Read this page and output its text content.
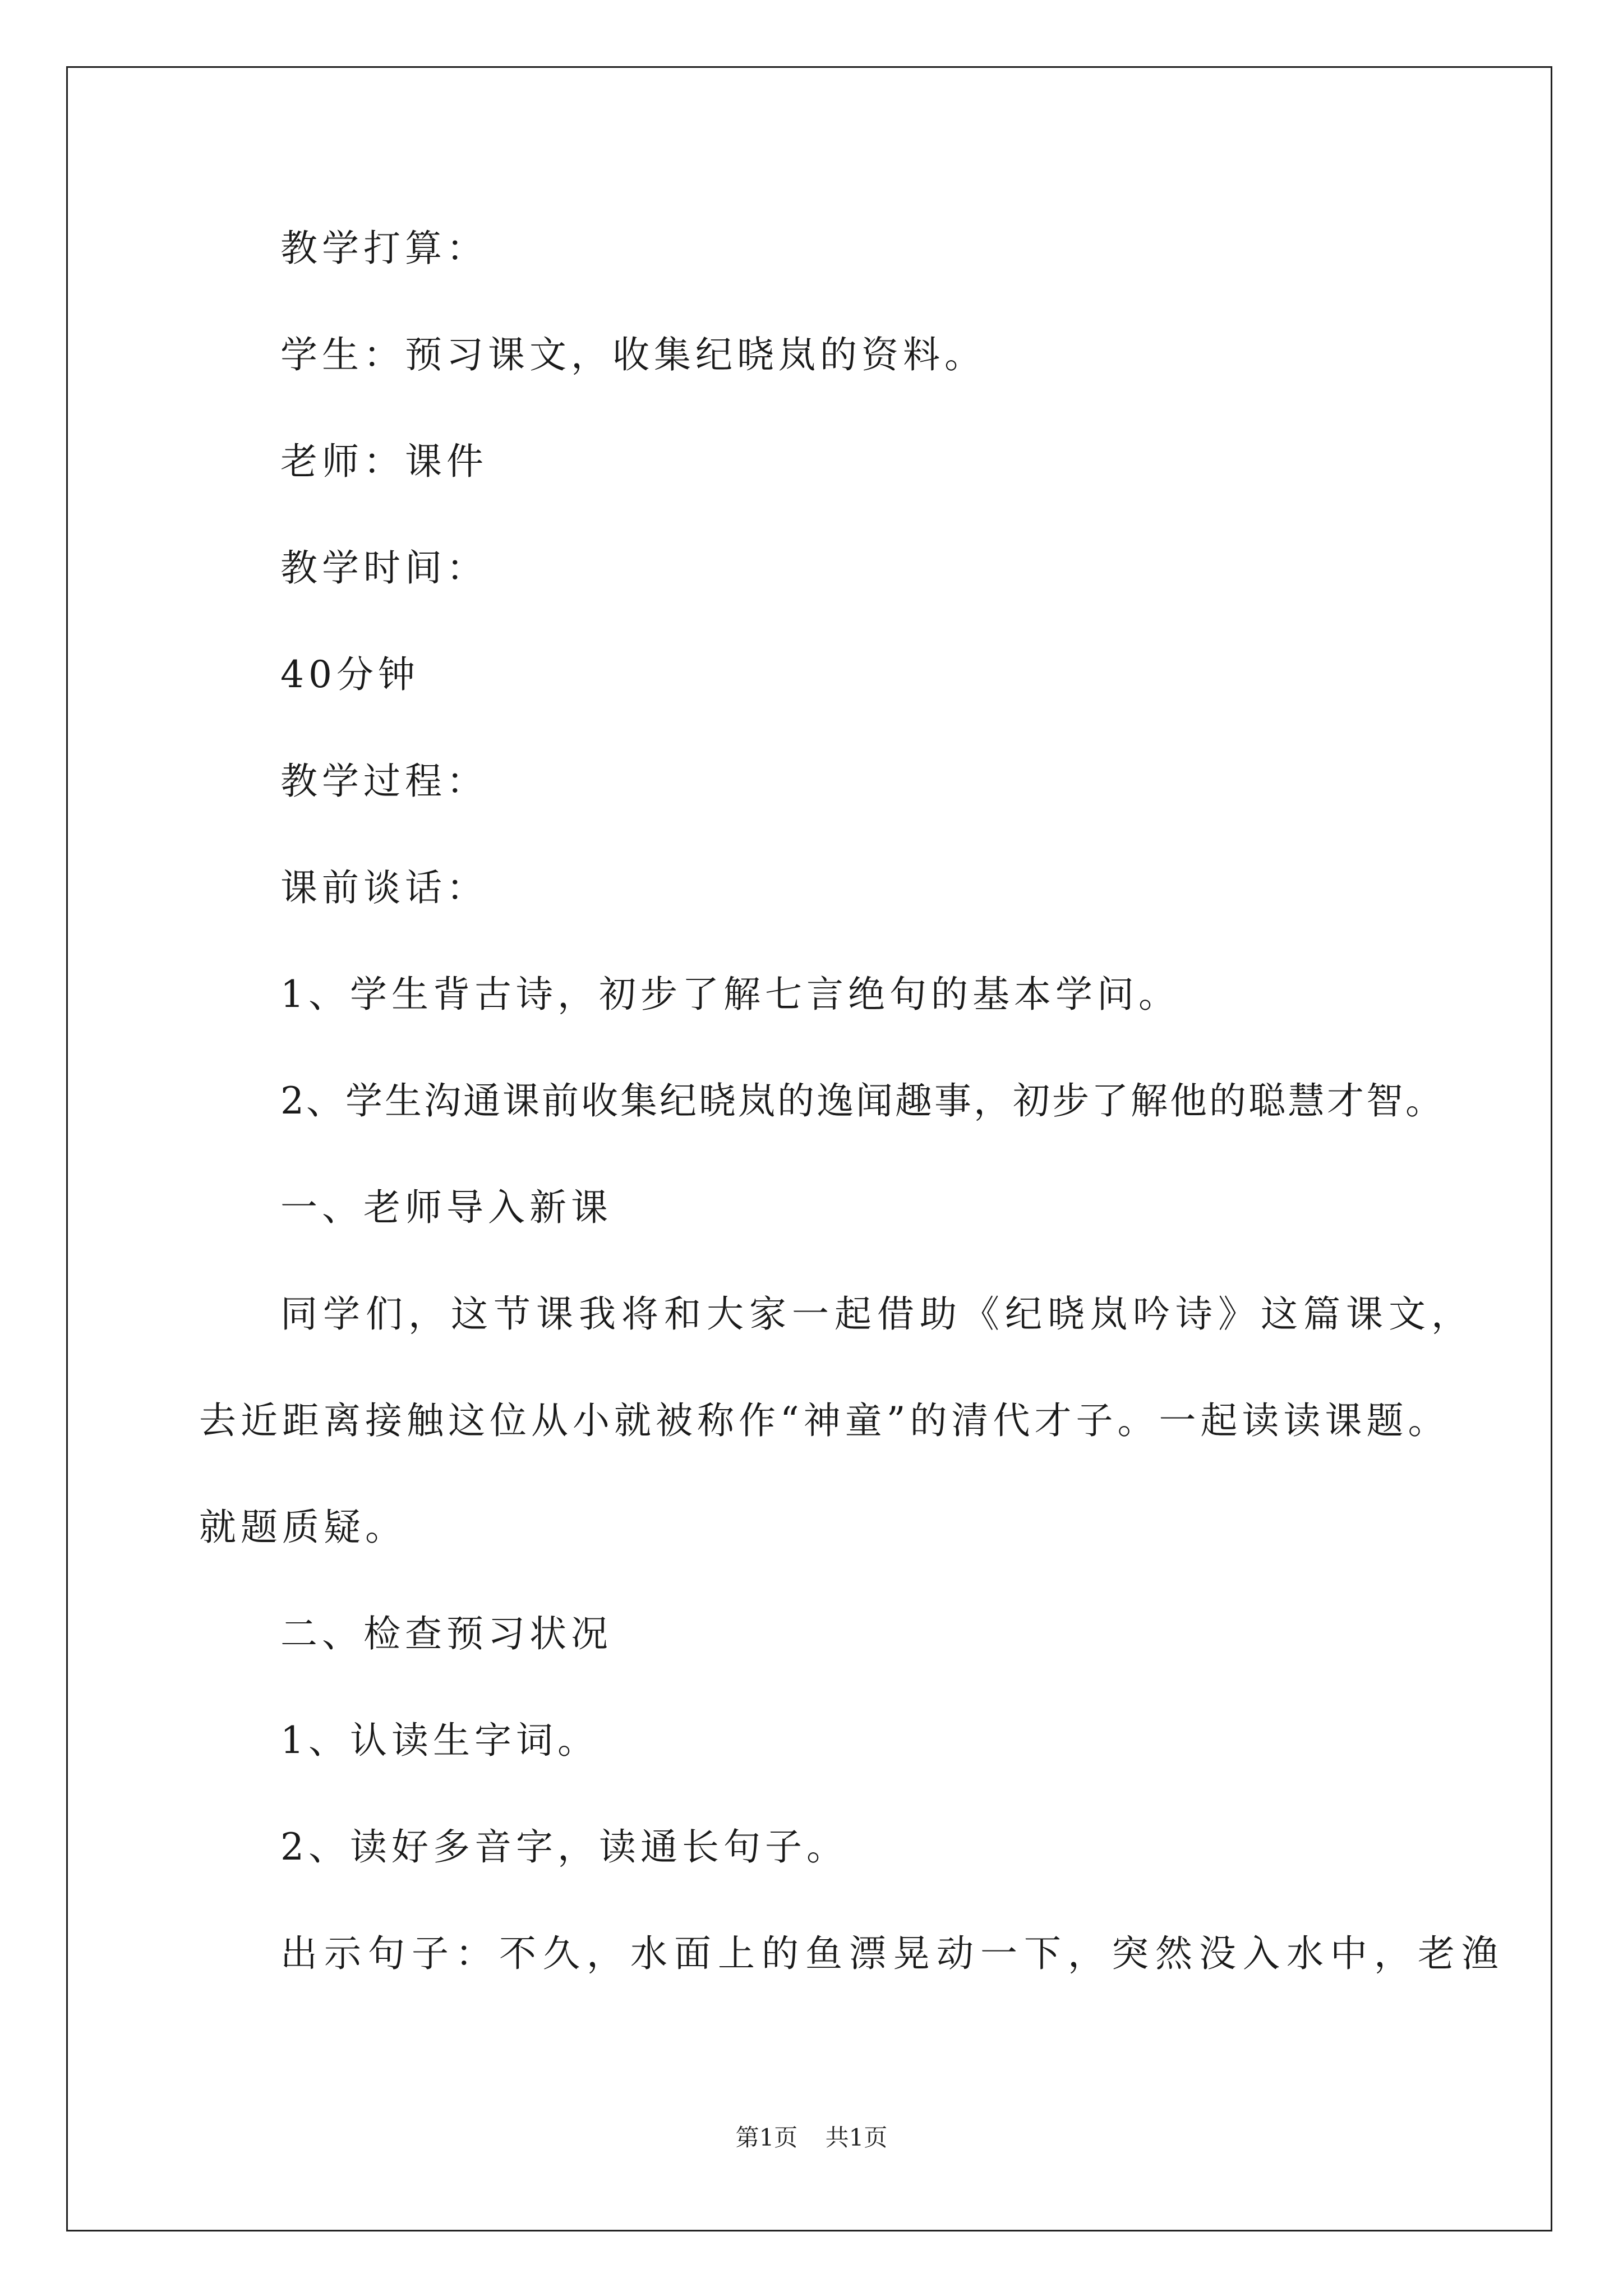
教学打算：
学生：预习课文，收集纪晓岚的资料。
老师：课件
教学时间：
40分钟
教学过程：
课前谈话：
1、学生背古诗，初步了解七言绝句的基本学问。
2、学生沟通课前收集纪晓岚的逸闻趣事，初步了解他的聪慧才智。
一、老师导入新课
同学们，这节课我将和大家一起借助《纪晓岚吟诗》这篇课文，
去近距离接触这位从小就被称作“神童”的清代才子。一起读读课题。
就题质疑。
二、检查预习状况
1、认读生字词。
2、读好多音字，读通长句子。
出示句子：不久，水面上的鱼漂晃动一下，突然没入水中，老渔
第1页 共1页
